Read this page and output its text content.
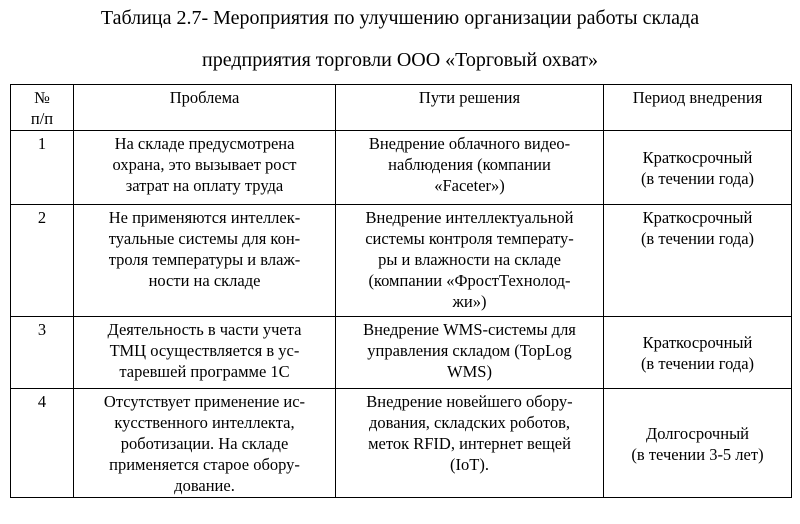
Таблица 2.7- Мероприятия по улучшению организации работы склада
предприятия торговли ООО «Торговый охват»
№
п/п	Проблема	Пути решения	Период внедрения
1	На складе предусмотрена
охрана, это вызывает рост
затрат на оплату труда	Внедрение облачного видео-
наблюдения (компании
«Faceter»)	Краткосрочный
(в течении года)

2	Не применяются интеллек-
туальные системы для кон-
троля температуры и влаж-
ности на складе	Внедрение интеллектуальной
системы контроля температу-
ры и влажности на складе
(компании «ФростТехнолод-
жи»)	Краткосрочный
(в течении года)

3	Деятельность в части учета
ТМЦ осуществляется в ус-
таревшей программе 1С	Внедрение WMS-системы для
управления складом (TopLog
WMS)	Краткосрочный
(в течении года)

4	Отсутствует применение ис-
кусственного интеллекта,
роботизации. На складе
применяется старое обору-
дование.	Внедрение новейшего обору-
дования, складских роботов,
меток RFID, интернет вещей
(IoT).	Долгосрочный
(в течении 3-5 лет)
